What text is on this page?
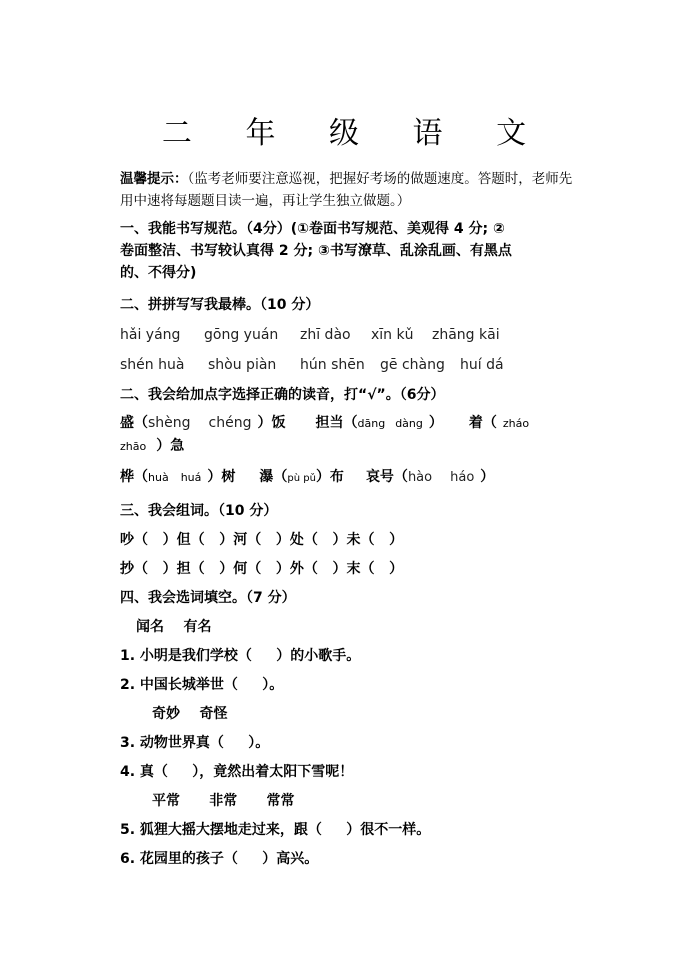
二 年 级 语 文

温馨提示：（监考老师要注意巡视，把握好考场的做题速度。答题时，老师先用中速将每题题目读一遍，再让学生独立做题。）

一、我能书写规范。（4分）(①卷面书写规范、美观得 4 分; ②

卷面整洁、书写较认真得 2 分; ③书写潦草、乱涂乱画、有黑点

的、不得分)

二、拼拼写写我最棒。（10 分）

hǎi yáng gōng yuán zhī dào xīn kǔ zhāng kāi

shén huà shòu piàn hún shēn gē chàng huí dá

二、我会给加点字选择正确的读音，打“√”。（6分）

盛（shèng chéng ）饭 担当（dāng dàng ） 着（ zháo

zhāo ）急

桦（huà huá ）树 瀑（pù pǔ）布 哀号（hào háo ）

三、我会组词。（10 分）

吵（   ）但（   ）河（   ）处（   ）未（   ）

抄（   ）担（   ）何（   ）外（   ）末（   ）

四、我会选词填空。（7 分）

闻名    有名

1. 小明是我们学校（     ）的小歌手。

2. 中国长城举世（     ）。

奇妙    奇怪

3. 动物世界真（     ）。

4. 真（     ），竟然出着太阳下雪呢！

平常      非常      常常

5. 狐狸大摇大摆地走过来，跟（     ）很不一样。

6. 花园里的孩子（     ）高兴。
